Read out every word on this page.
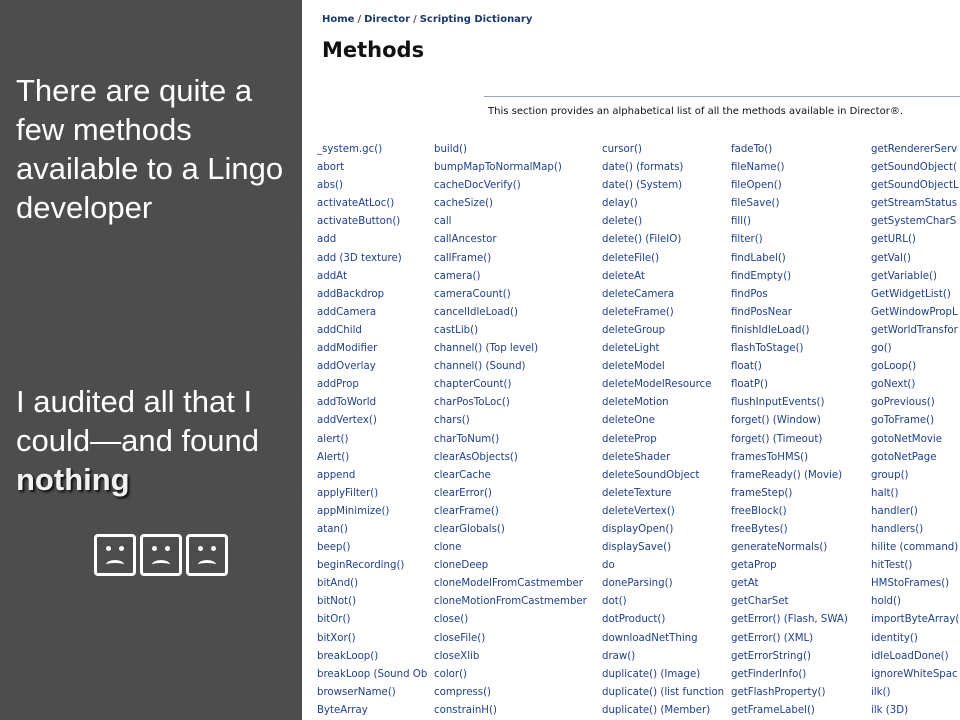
There are quite a few methods available to a Lingo developer
I audited all that I could—and found nothing
Home / Director / Scripting Dictionary
Methods
This section provides an alphabetical list of all the methods available in Director®.
_system.gc()
abort
abs()
activateAtLoc()
activateButton()
add
add (3D texture)
addAt
addBackdrop
addCamera
addChild
addModifier
addOverlay
addProp
addToWorld
addVertex()
alert()
Alert()
append
applyFilter()
appMinimize()
atan()
beep()
beginRecording()
bitAnd()
bitNot()
bitOr()
bitXor()
breakLoop()
breakLoop (Sound Ob
browserName()
ByteArray
build()
bumpMapToNormalMap()
cacheDocVerify()
cacheSize()
call
callAncestor
callFrame()
camera()
cameraCount()
cancelIdleLoad()
castLib()
channel() (Top level)
channel() (Sound)
chapterCount()
charPosToLoc()
chars()
charToNum()
clearAsObjects()
clearCache
clearError()
clearFrame()
clearGlobals()
clone
cloneDeep
cloneModelFromCastmember
cloneMotionFromCastmember
close()
closeFile()
closeXlib
color()
compress()
constrainH()
cursor()
date() (formats)
date() (System)
delay()
delete()
delete() (FileIO)
deleteFile()
deleteAt
deleteCamera
deleteFrame()
deleteGroup
deleteLight
deleteModel
deleteModelResource
deleteMotion
deleteOne
deleteProp
deleteShader
deleteSoundObject
deleteTexture
deleteVertex()
displayOpen()
displaySave()
do
doneParsing()
dot()
dotProduct()
downloadNetThing
draw()
duplicate() (Image)
duplicate() (list function
duplicate() (Member)
fadeTo()
fileName()
fileOpen()
fileSave()
fill()
filter()
findLabel()
findEmpty()
findPos
findPosNear
finishIdleLoad()
flashToStage()
float()
floatP()
flushInputEvents()
forget() (Window)
forget() (Timeout)
framesToHMS()
frameReady() (Movie)
frameStep()
freeBlock()
freeBytes()
generateNormals()
getaProp
getAt
getCharSet
getError() (Flash, SWA)
getError() (XML)
getErrorString()
getFinderInfo()
getFlashProperty()
getFrameLabel()
getRendererServ
getSoundObject(
getSoundObjectL
getStreamStatus
getSystemCharS
getURL()
getVal()
getVariable()
GetWidgetList()
GetWindowPropL
getWorldTransfor
go()
goLoop()
goNext()
goPrevious()
goToFrame()
gotoNetMovie
gotoNetPage
group()
halt()
handler()
handlers()
hilite (command)
hitTest()
HMStoFrames()
hold()
importByteArray(
identity()
idleLoadDone()
ignoreWhiteSpac
ilk()
ilk (3D)
